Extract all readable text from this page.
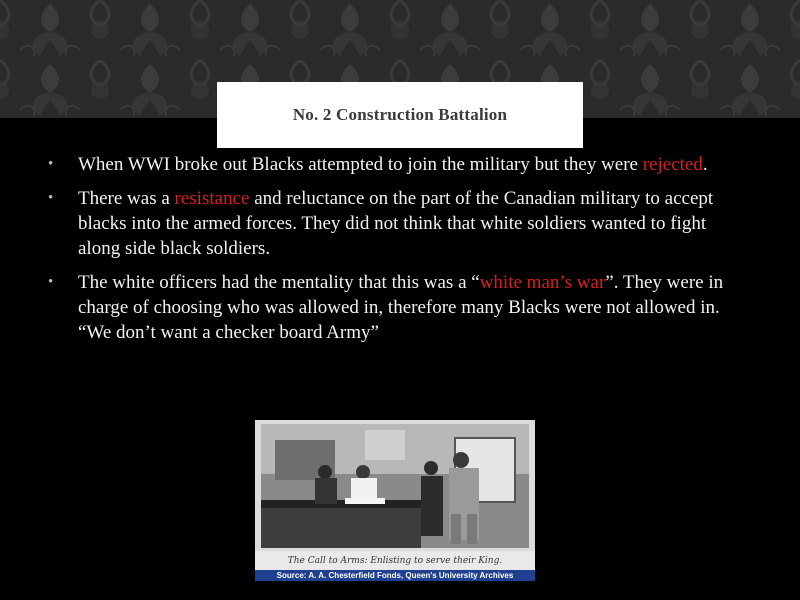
No. 2 Construction Battalion
• When WWI broke out Blacks attempted to join the military but they were rejected.
• There was a resistance and reluctance on the part of the Canadian military to accept blacks into the armed forces. They did not think that white soldiers wanted to fight along side black soldiers.
• The white officers had the mentality that this was a “white man’s war”. They were in charge of choosing who was allowed in, therefore many Blacks were not allowed in. “We don’t want a checker board Army”
The Call to Arms: Enlisting to serve their King.
Source: A. A. Chesterfield Fonds, Queen's University Archives
